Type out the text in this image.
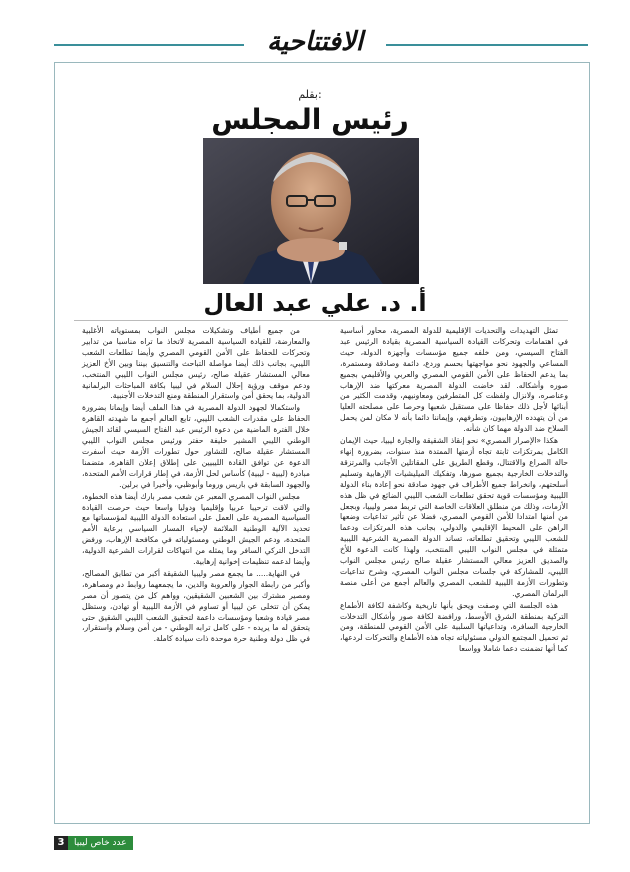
الافتتاحية
بقلم:
رئيس المجلس
أ. د. علي عبد العال

تمثل التهديدات والتحديات الإقليمية للدولة المصرية، محاور أساسية في اهتمامات وتحركات القيادة السياسية المصرية بقيادة الرئيس عبد الفتاح السيسي، ومن خلفه جميع مؤسسات وأجهزة الدولة، حيث المساعي والجهود نحو مواجهتها بحسم وردع، دائمة وصادقة ومستمرة، بما يدعم الحفاظ على الأمن القومي المصري والعربي والأقليمي بجميع صوره وأشكاله. لقد خاضت الدولة المصرية معركتها ضد الإرهاب وعناصره، ولانزال ولفظت كل المتطرفين ومعاونيهم، وقدمت الكثير من أبنائها لأجل ذلك حفاظا على مستقبل شعبها وحرصا على مصلحته العليا من أن يتهدده الإرهابيون، وتطرفهم، وإيماننا دائما بأنه لا مكان لمن يحمل السلاح ضد الدولة مهما كان شأنه.

هكذا «الإصرار المصري» نحو إنقاذ الشقيقة والجارة ليبيا، حيث الإيمان الكامل بمرتكزات ثابتة تجاه أزمتها الممتدة منذ سنوات، بضرورة إنهاء حالة الصراع والاقتتال، وقطع الطريق على المقاتلين الأجانب والمرتزقة والتدخلات الخارجية بجميع صورها، وتفكيك الميليشيات الإرهابية وتسليم أسلحتهم، وانخراط جميع الأطراف في جهود صادقة نحو إعادة بناء الدولة الليبية ومؤسسات قوية تحقق تطلعات الشعب الليبي الضائع في ظل هذه الأزمات، وذلك من منطلق العلاقات الخاصة التي تربط مصر وليبيا، وبجعل من أمنها امتدادا للأمن القومي المصري، فضلا عن تأثير تداعيات وضعها الراهن على المحيط الإقليمي والدولي، بجانب هذه المرتكزات ودعما للشعب الليبي وتحقيق تطلعاته، تساند الدولة المصرية الشرعية الليبية متمثلة في مجلس النواب الليبي المنتخب، ولهذا كانت الدعوة للأخ والصديق العزيز معالي المستشار عقيلة صالح رئيس مجلس النواب الليبي، للمشاركة في جلسات مجلس النواب المصري، وشرح تداعيات وتطورات الأزمة الليبية للشعب المصري والعالم أجمع من أعلى منصة البرلمان المصري.

هذه الجلسة التي وصفت ويحق بأنها تاريخية وكاشفة لكافة الأطماع التركية بمنطقة الشرق الأوسط، ورافضة لكافة صور وأشكال التدخلات الخارجية السافرة، وتداعياتها السلبية على الأمن القومي للمنطقة، ومن ثم تحميل المجتمع الدولي مسئولياته تجاه هذه الأطماع والتحركات لردعها، كما أنها تضمنت دعما شاملا وواسعا

من جميع أطياف وتشكيلات مجلس النواب بمستوياته الأغلبية والمعارضة، للقيادة السياسية المصرية لاتخاذ ما تراه مناسبا من تدابير وتحركات للحفاظ على الأمن القومي المصري وأيضا تطلعات الشعب الليبي، بجانب ذلك أيضا مواصلة التباحث والتنسيق بيننا وبين الأخ العزيز معالي المستشار عقيلة صالح، رئيس مجلس النواب الليبي المنتخب، ودعم موقف ورؤية إحلال السلام في ليبيا بكافة المباحثات البرلمانية الدولية، بما يحقق أمن واستقرار المنطقة ومنع التدخلات الأجنبية.

واستكمالا لجهود الدولة المصرية في هذا الملف أيضا وإيمانا بضرورة الحفاظ على مقدرات الشعب الليبي، تابع العالم أجمع ما شهدته القاهرة خلال الفترة الماضية من دعوة الرئيس عبد الفتاح السيسي لقائد الجيش الوطني الليبي المشير خليفة حفتر ورئيس مجلس النواب الليبي المستشار عقيلة صالح، للتشاور حول تطورات الأزمة حيث أسفرت الدعوة عن توافق القادة الليبيين على إطلاق إعلان القاهرة، متضمنا مبادرة (ليبية - ليبية) كأساس لحل الأزمة، في إطار قرارات الأمم المتحدة، والجهود السابقة في باريس وروما وأبوظبي، وأخيرا في برلين.

مجلس النواب المصري المعبر عن شعب مصر بارك أيضا هذه الخطوة، والتي لاقت ترحيبا عربيا وإقليميا ودوليا واسعا حيث حرصت القيادة السياسية المصرية على العمل على استعادة الدولة الليبية لمؤسساتها مع تحديد الآلية الوطنية الملائمة لإحياء المسار السياسي برعاية الأمم المتحدة، ودعم الجيش الوطني ومسئولياته في مكافحة الإرهاب، ورفض التدخل التركي السافر وما يمثله من انتهاكات لقرارات الشرعية الدولية، وأيضا لدعمه تنظيمات إخوانية إرهابية.

في النهاية..... ما يجمع مصر وليبيا الشقيقة أكبر من تطابق المصالح، وأكبر من رابطة الجوار والعروبة والدين، ما يجمعهما روابط دم ومصاهرة، ومصير مشترك بين الشعبين الشقيقين، وواهم كل من يتصور أن مصر يمكن أن تتخلى عن ليبيا أو تساوم في الأزمة الليبية أو تهادن، وستظل مصر قيادة وشعبا ومؤسسات داعمة لتحقيق الشعب الليبي الشقيق حتى يتحقق له ما يريده - على كامل ترابه الوطني - من أمن وسلام واستقرار، في ظل دولة وطنية حرة موحدة ذات سيادة كاملة.

3	عدد خاص ليبيا
